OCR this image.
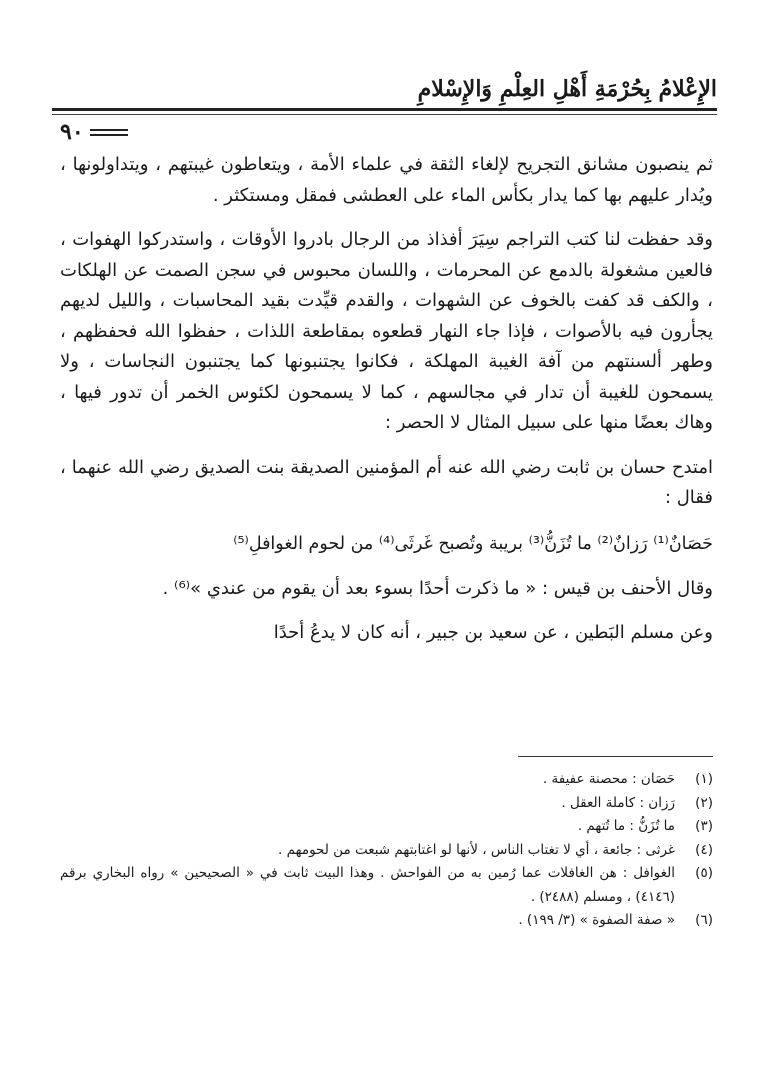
الإِعْلامُ بِحُرْمَةِ أَهْلِ العِلْمِ وَالإِسْلامِ
٩٠

ثم ينصبون مشانق التجريح لإلغاء الثقة في علماء الأمة ، ويتعاطون غيبتهم ، ويتداولونها ، ويُدار عليهم بها كما يدار بكأس الماء على العطشى فمقل ومستكثر .

وقد حفظت لنا كتب التراجم سِيَرَ أفذاذ من الرجال بادروا الأوقات ، واستدركوا الهفوات ، فالعين مشغولة بالدمع عن المحرمات ، واللسان محبوس في سجن الصمت عن الهلكات ، والكف قد كفت بالخوف عن الشهوات ، والقدم قيِّدت بقيد المحاسبات ، والليل لديهم يجأرون فيه بالأصوات ، فإذا جاء النهار قطعوه بمقاطعة اللذات ، حفظوا الله فحفظهم ، وطهر ألسنتهم من آفة الغيبة المهلكة ، فكانوا يجتنبونها كما يجتنبون النجاسات ، ولا يسمحون للغيبة أن تدار في مجالسهم ، كما لا يسمحون لكئوس الخمر أن تدور فيها ، وهاك بعضًا منها على سبيل المثال لا الحصر :

امتدح حسان بن ثابت رضي الله عنه أم المؤمنين الصديقة بنت الصديق رضي الله عنهما ، فقال :

حَصَانٌ⁽¹⁾ رَزانٌ⁽²⁾ ما تُزَنُّ⁽³⁾ بريبة وتُصبح غَرثَى⁽⁴⁾ من لحوم الغوافلِ⁽⁵⁾

وقال الأحنف بن قيس : « ما ذكرت أحدًا بسوء بعد أن يقوم من عندي »⁽⁶⁾ .

وعن مسلم البَطين ، عن سعيد بن جبير ، أنه كان لا يدعُ أحدًا

(١)
حَصَان : محصنة عفيفة .
(٢)
رَزان : كاملة العقل .
(٣)
ما تُزَنُّ : ما تُتهم .
(٤)
غرثى : جائعة ، أي لا تغتاب الناس ، لأنها لو اغتابتهم شبعت من لحومهم .
(٥)
الغوافل : هن الغافلات عما رُمين به من الفواحش . وهذا البيت ثابت في « الصحيحين » رواه البخاري برقم (٤١٤٦) ، ومسلم (٢٤٨٨) .
(٦)
« صفة الصفوة » (٣/ ١٩٩) .
